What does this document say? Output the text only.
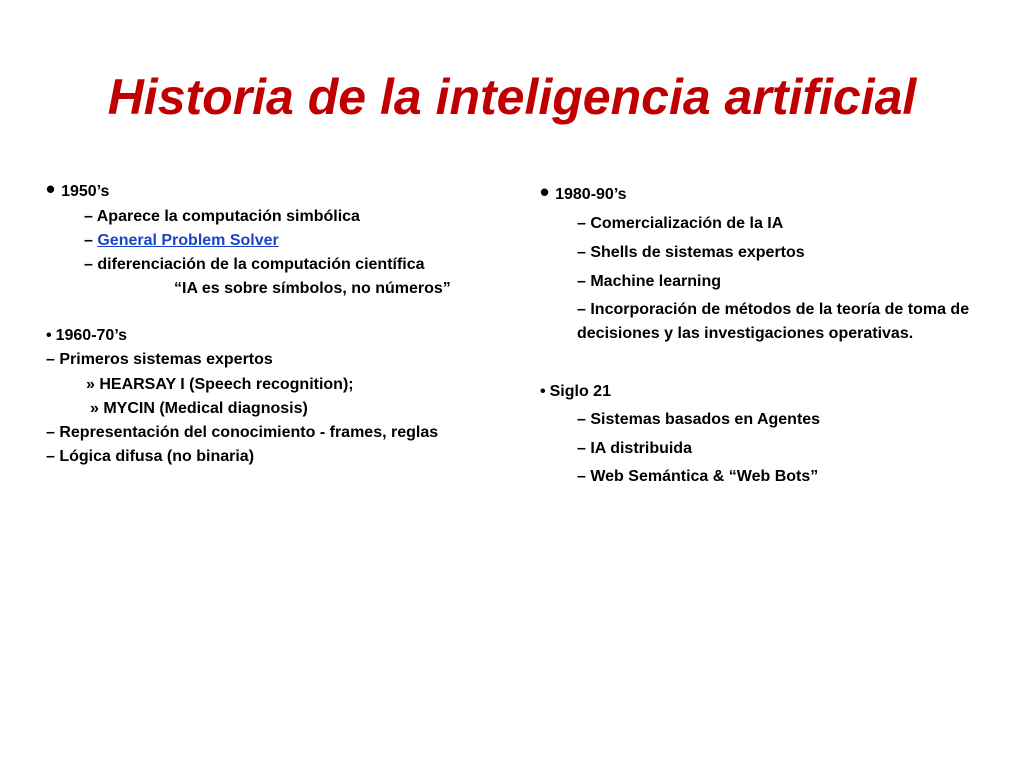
Historia de la inteligencia artificial
• 1950’s
– Aparece la computación simbólica
– General Problem Solver
– diferenciación de la computación científica
“IA es sobre símbolos, no números”
• 1960-70’s
– Primeros sistemas expertos
» HEARSAY I (Speech recognition);
» MYCIN (Medical diagnosis)
– Representación del conocimiento - frames, reglas
– Lógica difusa (no binaria)
• 1980-90’s
– Comercialización de la IA
– Shells de sistemas expertos
– Machine learning
– Incorporación de métodos de la teoría de toma de
decisiones y las investigaciones operativas.
• Siglo 21
– Sistemas basados en Agentes
– IA distribuida
– Web Semántica & “Web Bots”
